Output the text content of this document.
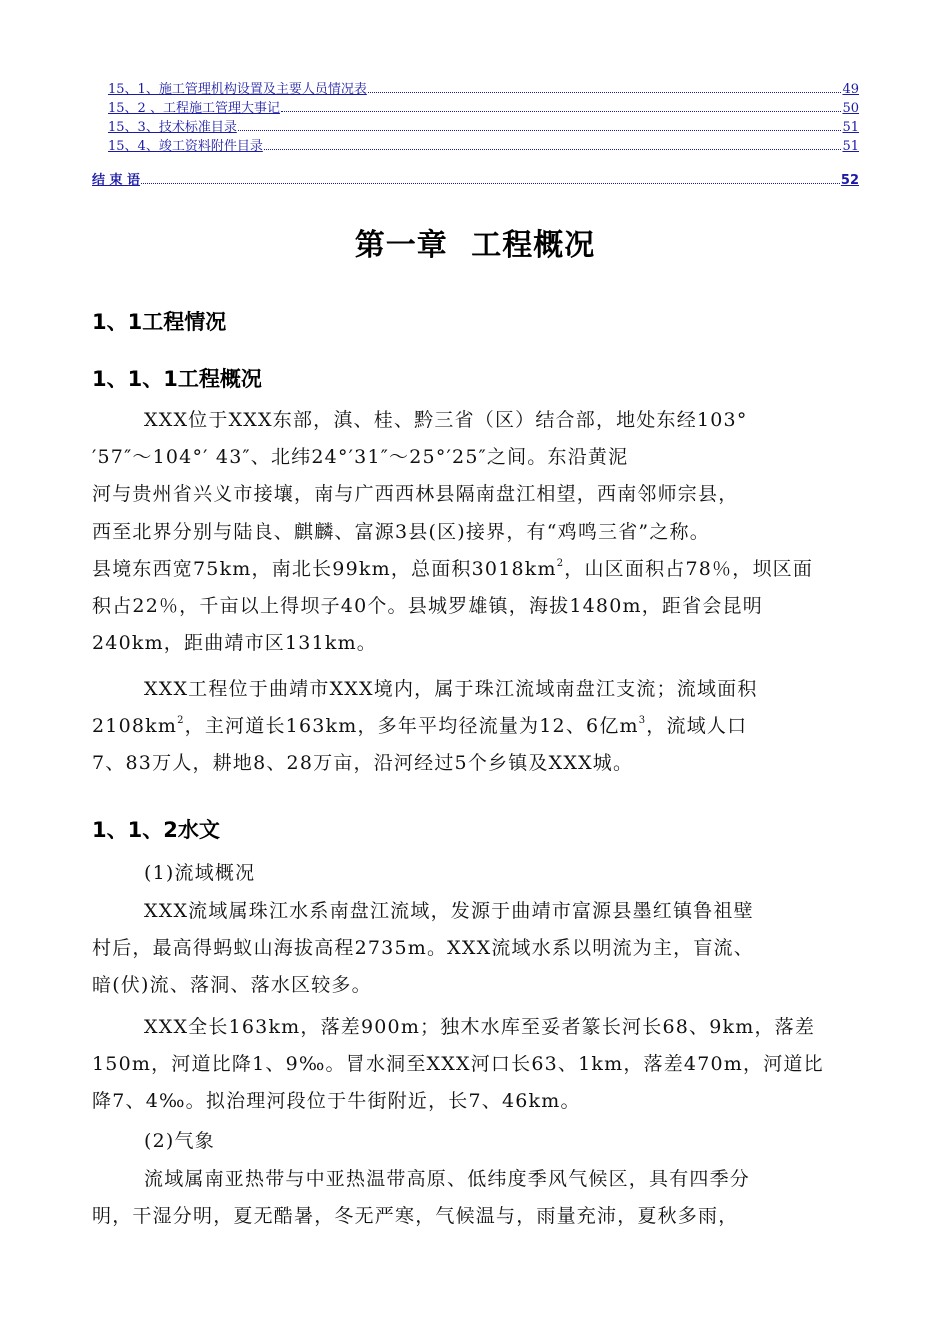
15、1、施工管理机构设置及主要人员情况表	49
15、2 、工程施工管理大事记	50
15、3、技术标准目录	51
15、4、竣工资料附件目录	51
结 束 语	52
第一章 工程概况
1、1工程情况
1、1、1工程概况
XXX位于XXX东部，滇、桂、黔三省（区）结合部，地处东经103°
′57″～104°′ 43″、北纬24°′31″～25°′25″之间。东沿黄泥
河与贵州省兴义市接壤，南与广西西林县隔南盘江相望，西南邻师宗县，
西至北界分别与陆良、麒麟、富源3县(区)接界，有“鸡鸣三省”之称。
县境东西宽75km，南北长99km，总面积$3018km^2$，山区面积占78％，坝区面
积占22％，千亩以上得坝子40个。县城罗雄镇，海拔1480m，距省会昆明
240km，距曲靖市区131km。
XXX工程位于曲靖市XXX境内，属于珠江流域南盘江支流；流域面积
$2108km^2$，主河道长163km，多年平均径流量为12、6亿$m^3$，流域人口
7、83万人，耕地8、28万亩，沿河经过5个乡镇及XXX城。
1、1、2水文
(1)流域概况
XXX流域属珠江水系南盘江流域，发源于曲靖市富源县墨红镇鲁祖壁
村后，最高得蚂蚁山海拔高程2735m。XXX流域水系以明流为主，盲流、
暗(伏)流、落洞、落水区较多。
XXX全长163km，落差900m；独木水库至妥者篆长河长68、9km，落差
150m，河道比降1、9‰。冒水洞至XXX河口长63、1km，落差470m，河道比
降7、4‰。拟治理河段位于牛街附近，长7、46km。
(2)气象
流域属南亚热带与中亚热温带高原、低纬度季风气候区，具有四季分
明，干湿分明，夏无酷暑，冬无严寒，气候温与，雨量充沛，夏秋多雨，
